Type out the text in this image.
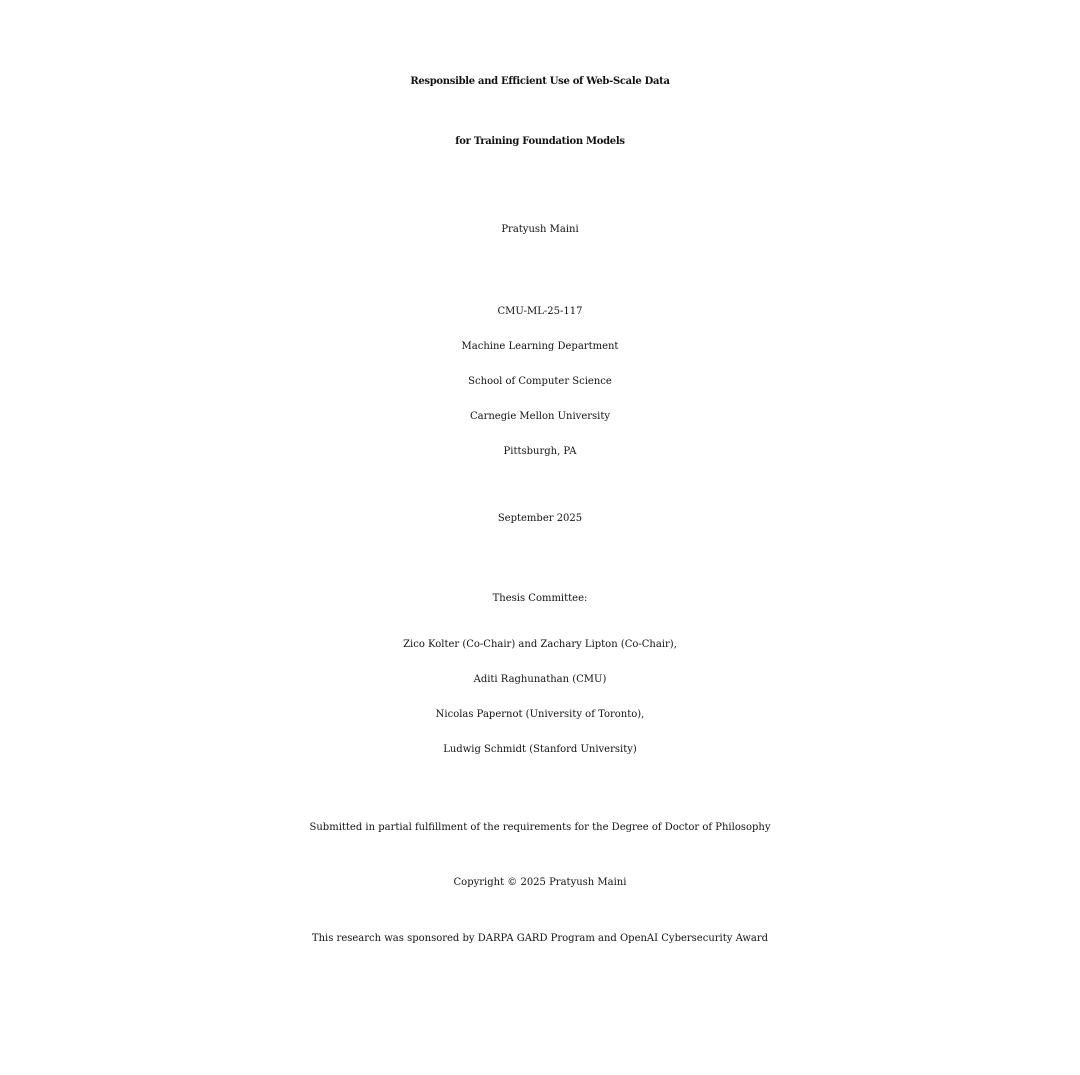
Responsible and Efficient Use of Web-Scale Data
for Training Foundation Models
Pratyush Maini
CMU-ML-25-117
Machine Learning Department
School of Computer Science
Carnegie Mellon University
Pittsburgh, PA
September 2025
Thesis Committee:
Zico Kolter (Co-Chair) and Zachary Lipton (Co-Chair),
Aditi Raghunathan (CMU)
Nicolas Papernot (University of Toronto),
Ludwig Schmidt (Stanford University)
Submitted in partial fulfillment of the requirements for the Degree of Doctor of Philosophy
Copyright © 2025 Pratyush Maini
This research was sponsored by DARPA GARD Program and OpenAI Cybersecurity Award
